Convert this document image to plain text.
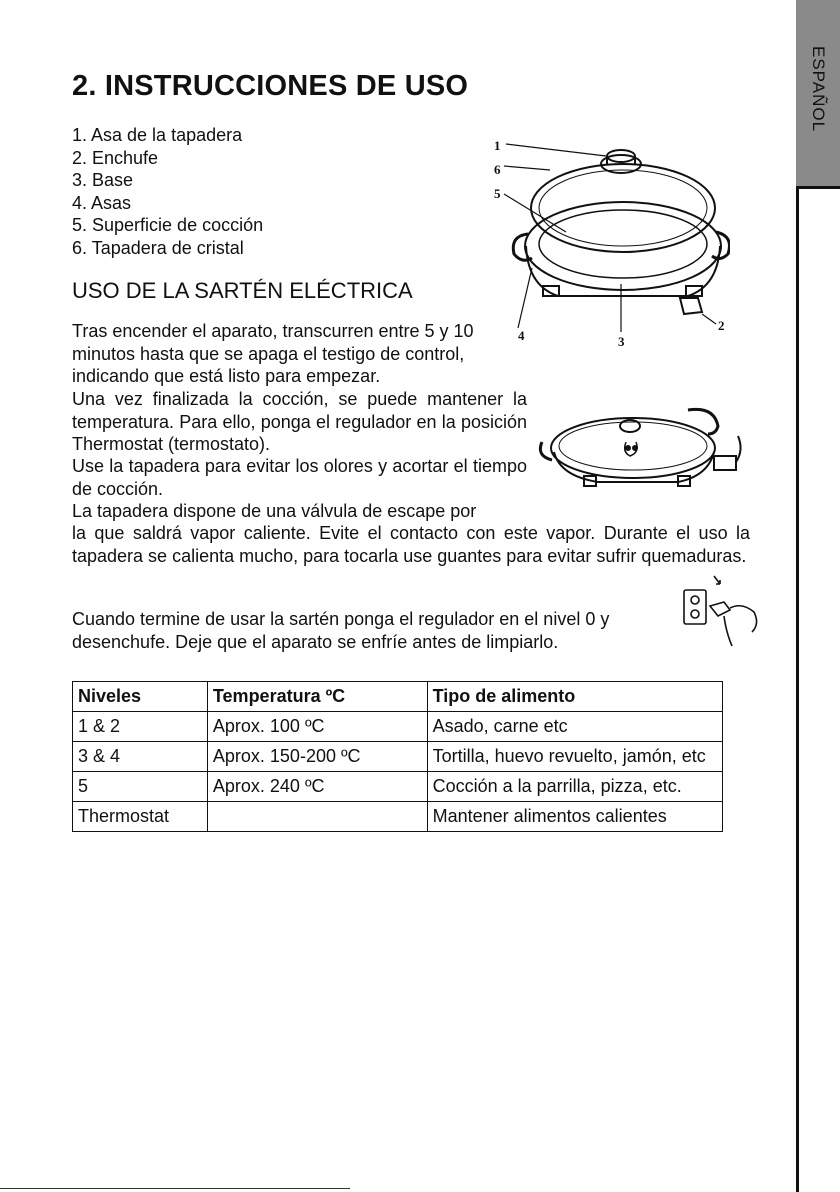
ESPAÑOL
2. INSTRUCCIONES DE USO
1. Asa de la tapadera
2. Enchufe
3. Base
4. Asas
5. Superficie de cocción
6. Tapadera de cristal
1
2
3
4
5
6
USO DE LA SARTÉN ELÉCTRICA

Tras encender el aparato, transcurren entre 5 y 10 minutos hasta que se apaga el testigo de control, indicando que está listo para empezar.

Una vez finalizada la cocción, se puede mantener la temperatura. Para ello, ponga el regulador en la posición Thermostat (termostato).

Use la tapadera para evitar los olores y acortar el tiempo de cocción.

La tapadera dispone de una válvula de escape por

la que saldrá vapor caliente. Evite el contacto con este vapor. Durante el uso la tapadera se calienta mucho, para tocarla use guantes para evitar sufrir quemaduras.

Cuando termine de usar la sartén ponga el regulador en el nivel 0 y

desenchufe. Deje que el aparato se enfríe antes de limpiarlo.

Niveles	Temperatura ºC	Tipo de alimento
1 & 2	Aprox. 100 ºC	Asado, carne etc
3 & 4	Aprox. 150-200 ºC	Tortilla, huevo revuelto, jamón, etc
5	Aprox. 240 ºC	Cocción a la parrilla, pizza, etc.
Thermostat		Mantener alimentos calientes
